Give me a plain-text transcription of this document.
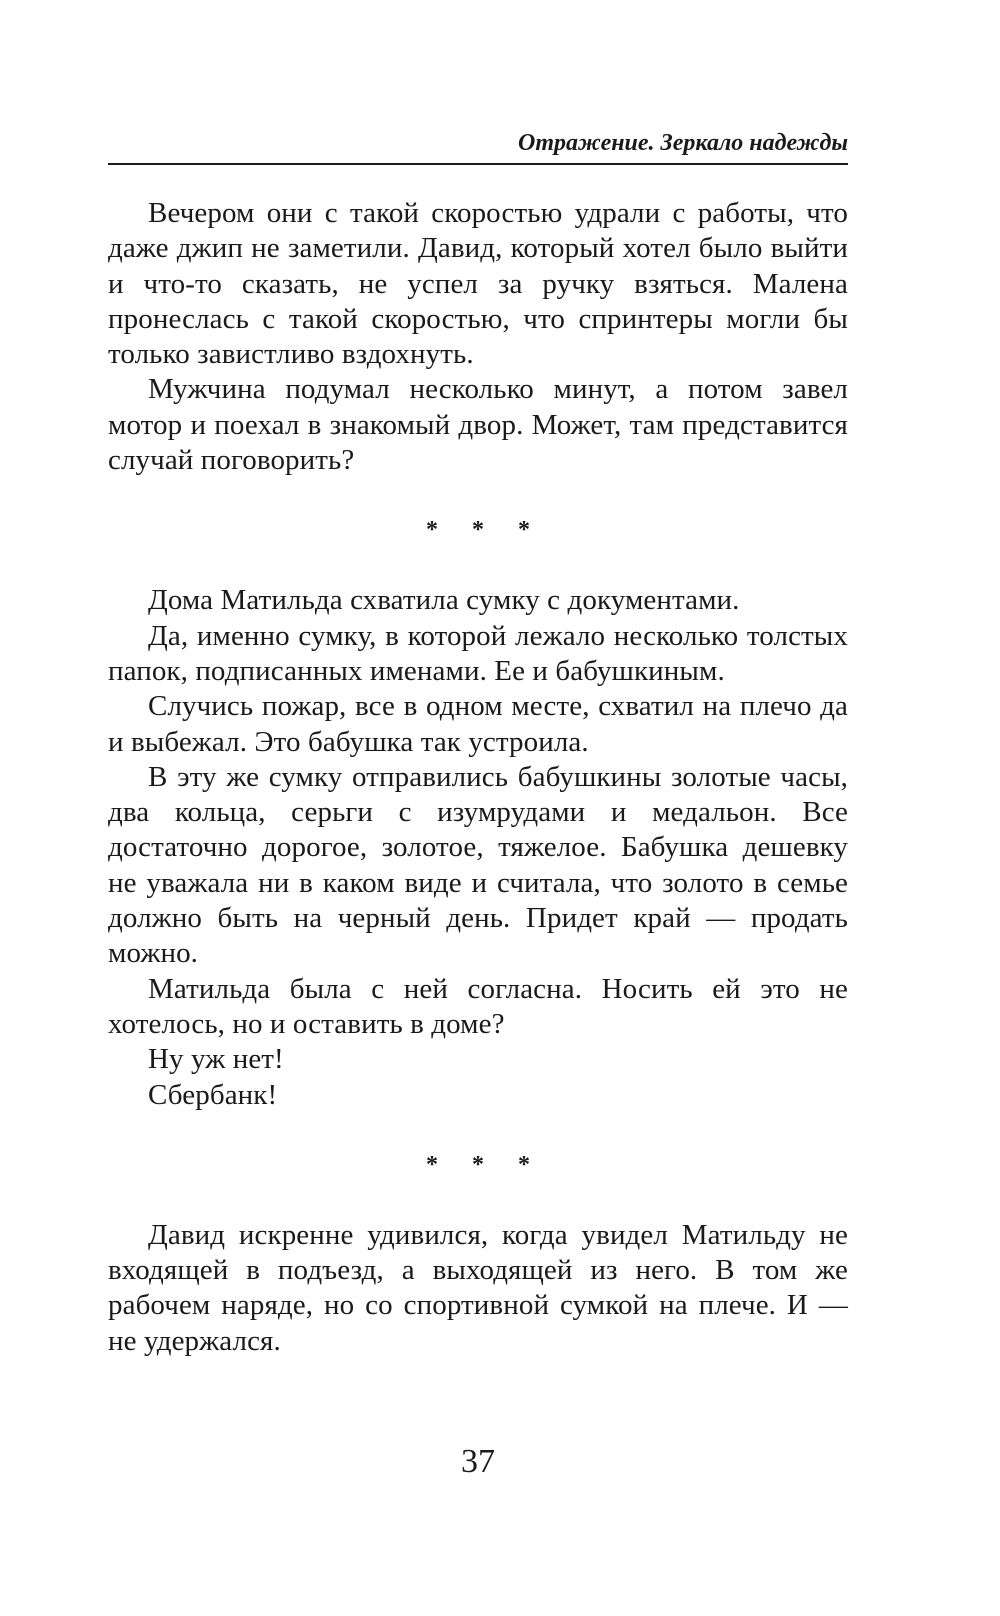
Отражение. Зеркало надежды

Вечером они с такой скоростью удрали с работы, что даже джип не заметили. Давид, который хотел было выйти и что-то сказать, не успел за ручку взяться. Малена пронеслась с такой скоростью, что спринтеры могли бы только завистливо вздохнуть.

Мужчина подумал несколько минут, а потом завел мотор и поехал в знакомый двор. Может, там представится случай поговорить?

* * *

Дома Матильда схватила сумку с документами.

Да, именно сумку, в которой лежало несколько толстых папок, подписанных именами. Ее и бабушкиным.

Случись пожар, все в одном месте, схватил на плечо да и выбежал. Это бабушка так устроила.

В эту же сумку отправились бабушкины золотые часы, два кольца, серьги с изумрудами и медальон. Все достаточно дорогое, золотое, тяжелое. Бабушка дешевку не уважала ни в каком виде и считала, что золото в семье должно быть на черный день. Придет край — продать можно.

Матильда была с ней согласна. Носить ей это не хотелось, но и оставить в доме?

Ну уж нет!

Сбербанк!

* * *

Давид искренне удивился, когда увидел Матильду не входящей в подъезд, а выходящей из него. В том же рабочем наряде, но со спортивной сумкой на плече. И — не удержался.

37
